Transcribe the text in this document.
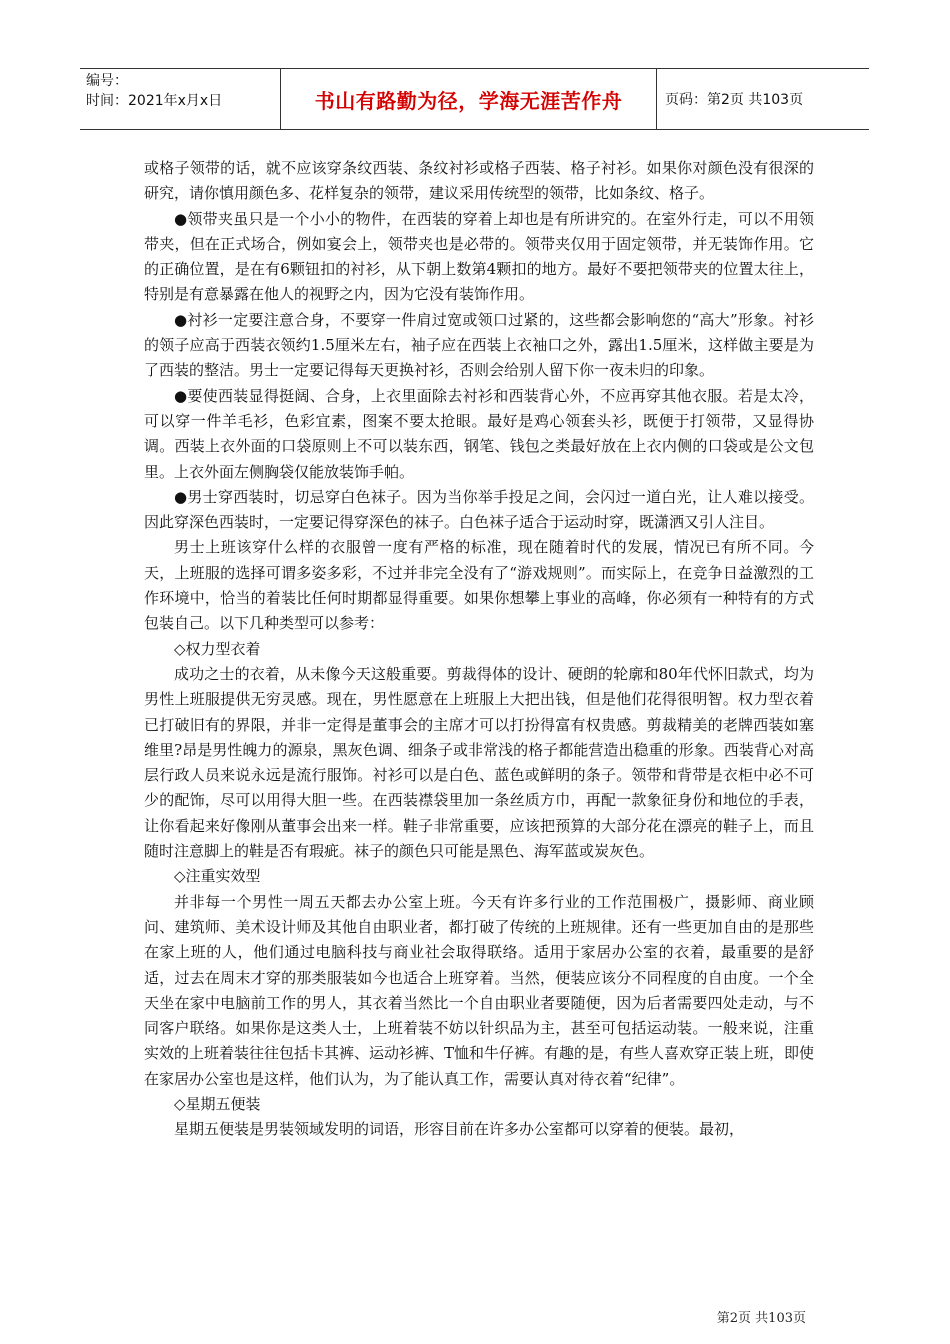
编号：
时间：2021年x月x日	书山有路勤为径，学海无涯苦作舟	页码：第2页 共103页

或格子领带的话，就不应该穿条纹西装、条纹衬衫或格子西装、格子衬衫。如果你对颜色没有很深的研究，请你慎用颜色多、花样复杂的领带，建议采用传统型的领带，比如条纹、格子。

●领带夹虽只是一个小小的物件，在西装的穿着上却也是有所讲究的。在室外行走，可以不用领带夹，但在正式场合，例如宴会上，领带夹也是必带的。领带夹仅用于固定领带，并无装饰作用。它的正确位置，是在有6颗钮扣的衬衫，从下朝上数第4颗扣的地方。最好不要把领带夹的位置太往上，特别是有意暴露在他人的视野之内，因为它没有装饰作用。

●衬衫一定要注意合身，不要穿一件肩过宽或领口过紧的，这些都会影响您的“高大”形象。衬衫的领子应高于西装衣领约1.5厘米左右，袖子应在西装上衣袖口之外，露出1.5厘米，这样做主要是为了西装的整洁。男士一定要记得每天更换衬衫，否则会给别人留下你一夜未归的印象。

●要使西装显得挺阔、合身，上衣里面除去衬衫和西装背心外，不应再穿其他衣服。若是太冷，可以穿一件羊毛衫，色彩宜素，图案不要太抢眼。最好是鸡心领套头衫，既便于打领带，又显得协调。西装上衣外面的口袋原则上不可以装东西，钢笔、钱包之类最好放在上衣内侧的口袋或是公文包里。上衣外面左侧胸袋仅能放装饰手帕。

●男士穿西装时，切忌穿白色袜子。因为当你举手投足之间，会闪过一道白光，让人难以接受。因此穿深色西装时，一定要记得穿深色的袜子。白色袜子适合于运动时穿，既潇洒又引人注目。

男士上班该穿什么样的衣服曾一度有严格的标准，现在随着时代的发展，情况已有所不同。今天，上班服的选择可谓多姿多彩，不过并非完全没有了“游戏规则”。而实际上，在竞争日益激烈的工作环境中，恰当的着装比任何时期都显得重要。如果你想攀上事业的高峰，你必须有一种特有的方式包装自己。以下几种类型可以参考：

◇权力型衣着

成功之士的衣着，从未像今天这般重要。剪裁得体的设计、硬朗的轮廓和80年代怀旧款式，均为男性上班服提供无穷灵感。现在，男性愿意在上班服上大把出钱，但是他们花得很明智。权力型衣着已打破旧有的界限，并非一定得是董事会的主席才可以打扮得富有权贵感。剪裁精美的老牌西装如塞维里?昂是男性魄力的源泉，黑灰色调、细条子或非常浅的格子都能营造出稳重的形象。西装背心对高层行政人员来说永远是流行服饰。衬衫可以是白色、蓝色或鲜明的条子。领带和背带是衣柜中必不可少的配饰，尽可以用得大胆一些。在西装襟袋里加一条丝质方巾，再配一款象征身份和地位的手表，让你看起来好像刚从董事会出来一样。鞋子非常重要，应该把预算的大部分花在漂亮的鞋子上，而且随时注意脚上的鞋是否有瑕疵。袜子的颜色只可能是黑色、海军蓝或炭灰色。

◇注重实效型

并非每一个男性一周五天都去办公室上班。今天有许多行业的工作范围极广，摄影师、商业顾问、建筑师、美术设计师及其他自由职业者，都打破了传统的上班规律。还有一些更加自由的是那些在家上班的人，他们通过电脑科技与商业社会取得联络。适用于家居办公室的衣着，最重要的是舒适，过去在周末才穿的那类服装如今也适合上班穿着。当然，便装应该分不同程度的自由度。一个全天坐在家中电脑前工作的男人，其衣着当然比一个自由职业者要随便，因为后者需要四处走动，与不同客户联络。如果你是这类人士，上班着装不妨以针织品为主，甚至可包括运动装。一般来说，注重实效的上班着装往往包括卡其裤、运动衫裤、T恤和牛仔裤。有趣的是，有些人喜欢穿正装上班，即使在家居办公室也是这样，他们认为，为了能认真工作，需要认真对待衣着“纪律”。

◇星期五便装

星期五便装是男装领域发明的词语，形容目前在许多办公室都可以穿着的便装。最初，

第2页 共103页
